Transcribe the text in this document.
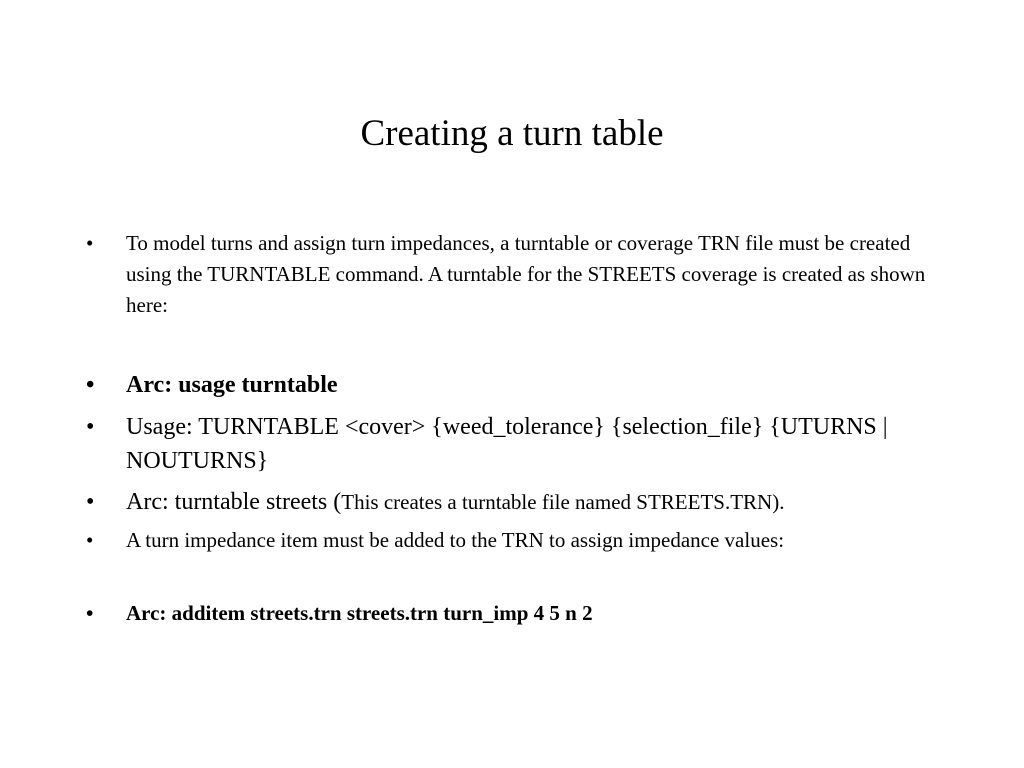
Creating a turn table
• To model turns and assign turn impedances, a turntable or coverage TRN file must be created using the TURNTABLE command. A turntable for the STREETS coverage is created as shown here:
• Arc: usage turntable
• Usage: TURNTABLE <cover> {weed_tolerance} {selection_file} {UTURNS | NOUTURNS}
• Arc: turntable streets (This creates a turntable file named STREETS.TRN).
• A turn impedance item must be added to the TRN to assign impedance values:
• Arc: additem streets.trn streets.trn turn_imp 4 5 n 2
